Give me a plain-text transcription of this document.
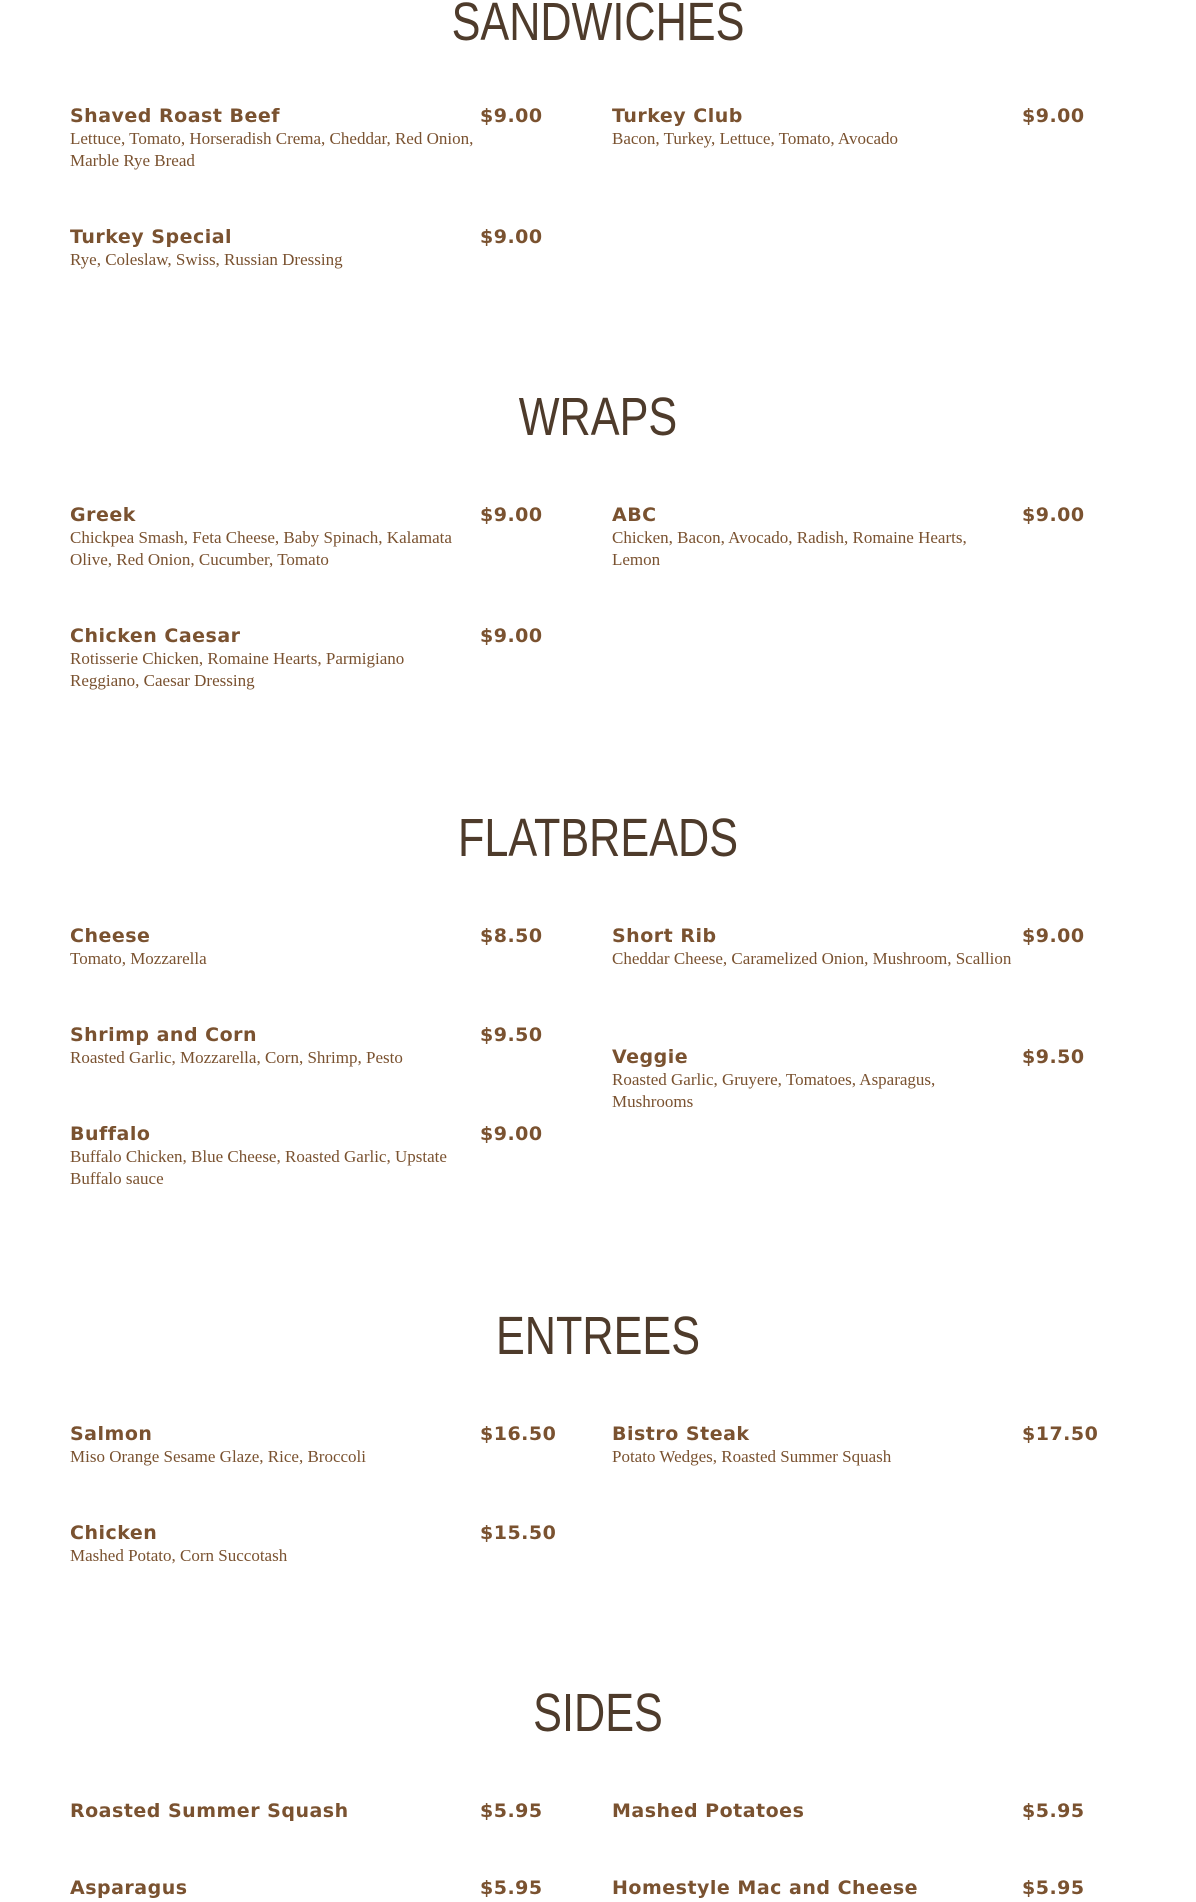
SANDWICHES
Shaved Roast Beef	$9.00
Lettuce, Tomato, Horseradish Crema, Cheddar, Red Onion, Marble Rye Bread
Turkey Club	$9.00
Bacon, Turkey, Lettuce, Tomato, Avocado
Turkey Special	$9.00
Rye, Coleslaw, Swiss, Russian Dressing
WRAPS
Greek	$9.00
Chickpea Smash, Feta Cheese, Baby Spinach, Kalamata Olive, Red Onion, Cucumber, Tomato
ABC	$9.00
Chicken, Bacon, Avocado, Radish, Romaine Hearts, Lemon
Chicken Caesar	$9.00
Rotisserie Chicken, Romaine Hearts, Parmigiano Reggiano, Caesar Dressing
FLATBREADS
Cheese	$8.50
Tomato, Mozzarella
Short Rib	$9.00
Cheddar Cheese, Caramelized Onion, Mushroom, Scallion
Shrimp and Corn	$9.50
Roasted Garlic, Mozzarella, Corn, Shrimp, Pesto	Veggie	$9.50
Roasted Garlic, Gruyere, Tomatoes, Asparagus, Mushrooms
Buffalo	$9.00
Buffalo Chicken, Blue Cheese, Roasted Garlic, Upstate Buffalo sauce
ENTREES
Salmon	$16.50
Miso Orange Sesame Glaze, Rice, Broccoli
Bistro Steak	$17.50
Potato Wedges, Roasted Summer Squash
Chicken	$15.50
Mashed Potato, Corn Succotash
SIDES
Roasted Summer Squash	$5.95	Mashed Potatoes	$5.95
Asparagus	$5.95	Homestyle Mac and Cheese	$5.95
